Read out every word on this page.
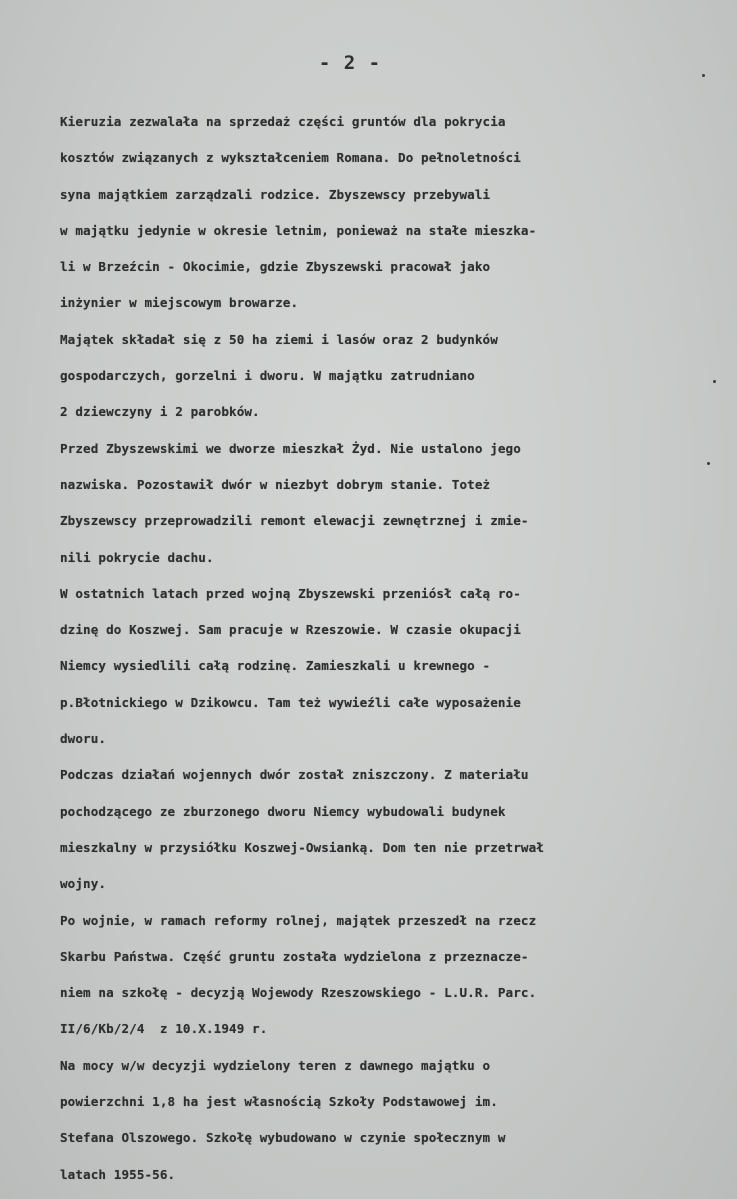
- 2 -
Kieruzia zezwalała na sprzedaż części gruntów dla pokrycia
kosztów związanych z wykształceniem Romana. Do pełnoletności
syna majątkiem zarządzali rodzice. Zbyszewscy przebywali
w majątku jedynie w okresie letnim, ponieważ na stałe mieszka-
li w Brzeźcin - Okocimie, gdzie Zbyszewski pracował jako
inżynier w miejscowym browarze.
Majątek składał się z 50 ha ziemi i lasów oraz 2 budynków
gospodarczych, gorzelni i dworu. W majątku zatrudniano
2 dziewczyny i 2 parobków.
Przed Zbyszewskimi we dworze mieszkał Żyd. Nie ustalono jego
nazwiska. Pozostawił dwór w niezbyt dobrym stanie. Toteż
Zbyszewscy przeprowadzili remont elewacji zewnętrznej i zmie-
nili pokrycie dachu.
W ostatnich latach przed wojną Zbyszewski przeniósł całą ro-
dzinę do Koszwej. Sam pracuje w Rzeszowie. W czasie okupacji
Niemcy wysiedlili całą rodzinę. Zamieszkali u krewnego -
p.Błotnickiego w Dzikowcu. Tam też wywieźli całe wyposażenie
dworu.
Podczas działań wojennych dwór został zniszczony. Z materiału
pochodzącego ze zburzonego dworu Niemcy wybudowali budynek
mieszkalny w przysiółku Koszwej-Owsianką. Dom ten nie przetrwał
wojny.
Po wojnie, w ramach reformy rolnej, majątek przeszedł na rzecz
Skarbu Państwa. Część gruntu została wydzielona z przeznacze-
niem na szkołę - decyzją Wojewody Rzeszowskiego - L.U.R. Parc.
II/6/Kb/2/4  z 10.X.1949 r.
Na mocy w/w decyzji wydzielony teren z dawnego majątku o
powierzchni 1,8 ha jest własnością Szkoły Podstawowej im.
Stefana Olszowego. Szkołę wybudowano w czynie społecznym w
latach 1955-56.
